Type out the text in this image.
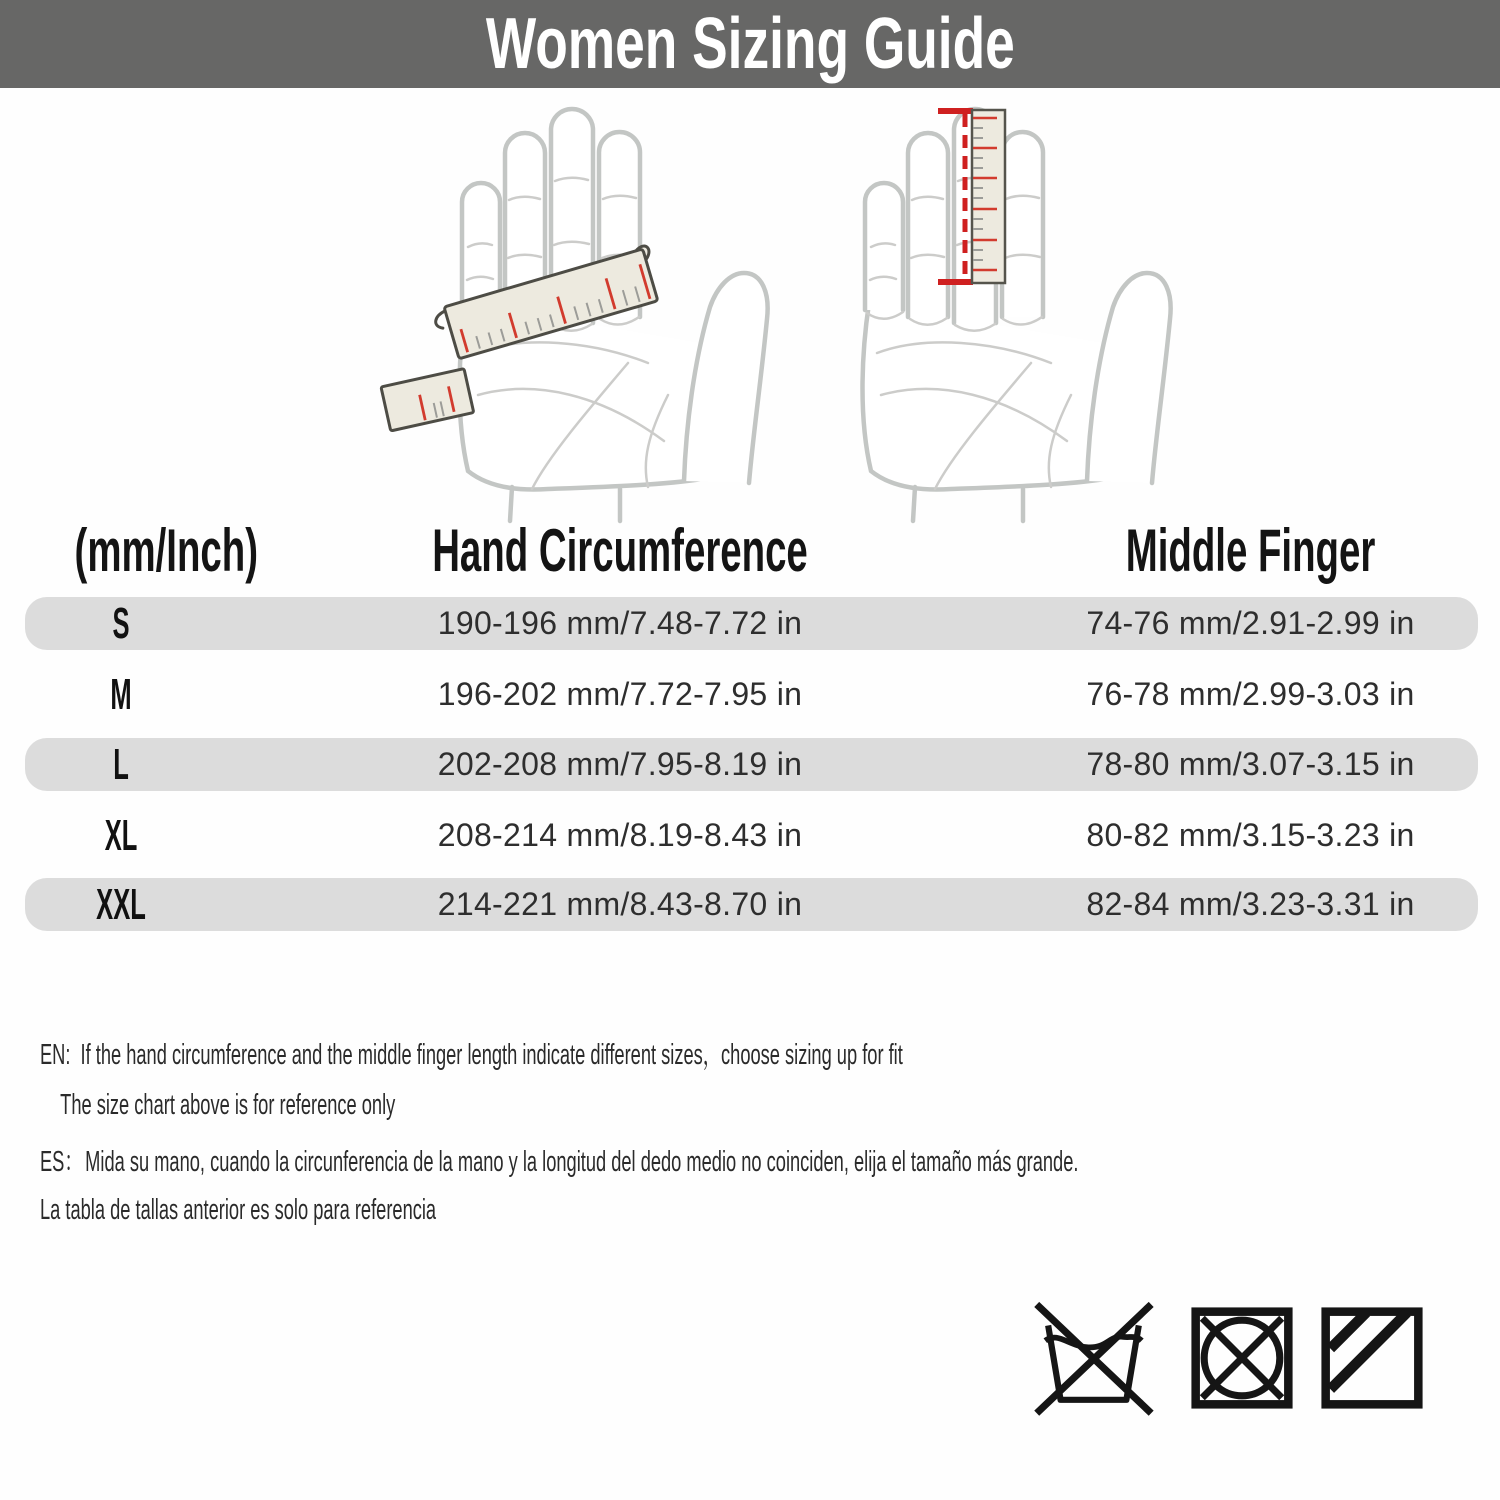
Women Sizing Guide
(mm/Inch)	Hand Circumference	Middle Finger
S	190-196 mm/7.48-7.72 in	74-76 mm/2.91-2.99 in
M	196-202 mm/7.72-7.95 in	76-78 mm/2.99-3.03 in
L	202-208 mm/7.95-8.19 in	78-80 mm/3.07-3.15 in
XL	208-214 mm/8.19-8.43 in	80-82 mm/3.15-3.23 in
XXL	214-221 mm/8.43-8.70 in	82-84 mm/3.23-3.31 in
EN: If the hand circumference and the middle finger length indicate different sizes，choose sizing up for fit
The size chart above is for reference only
ES：Mida su mano, cuando la circunferencia de la mano y la longitud del dedo medio no coinciden, elija el tamaño más grande.
La tabla de tallas anterior es solo para referencia
